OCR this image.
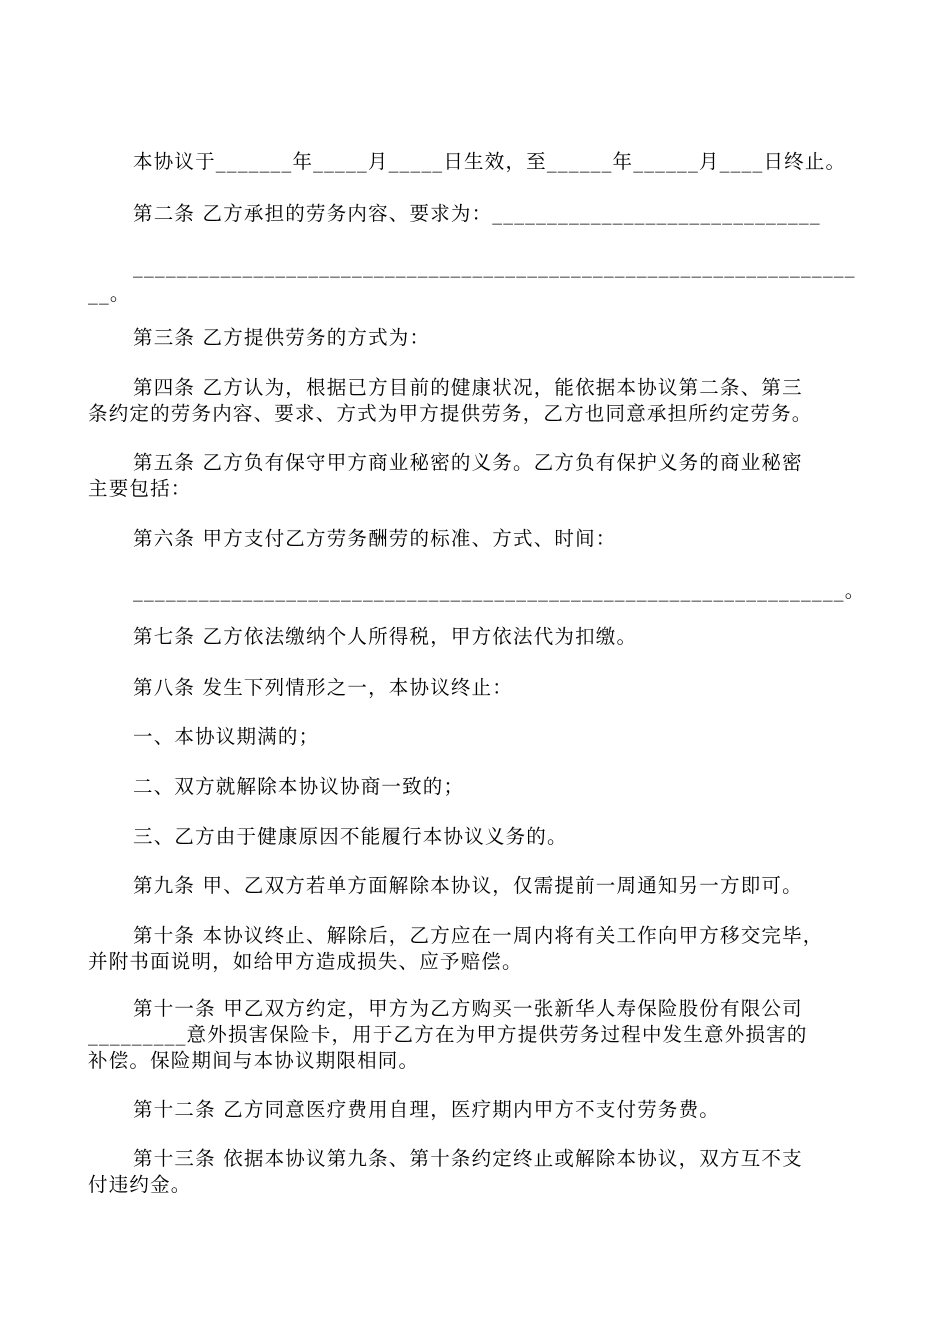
本协议于_______年_____月_____日生效，至______年______月____日终止。
第二条 乙方承担的劳务内容、要求为：______________________________
__________________________________________________________________
__。
第三条 乙方提供劳务的方式为：
第四条 乙方认为，根据已方目前的健康状况，能依据本协议第二条、第三
条约定的劳务内容、要求、方式为甲方提供劳务，乙方也同意承担所约定劳务。
第五条 乙方负有保守甲方商业秘密的义务。乙方负有保护义务的商业秘密
主要包括：
第六条 甲方支付乙方劳务酬劳的标准、方式、时间：
_________________________________________________________________。
第七条 乙方依法缴纳个人所得税，甲方依法代为扣缴。
第八条 发生下列情形之一，本协议终止：
一、本协议期满的；
二、双方就解除本协议协商一致的；
三、乙方由于健康原因不能履行本协议义务的。
第九条 甲、乙双方若单方面解除本协议，仅需提前一周通知另一方即可。
第十条 本协议终止、解除后，乙方应在一周内将有关工作向甲方移交完毕，
并附书面说明，如给甲方造成损失、应予赔偿。
第十一条 甲乙双方约定，甲方为乙方购买一张新华人寿保险股份有限公司
_________意外损害保险卡，用于乙方在为甲方提供劳务过程中发生意外损害的
补偿。保险期间与本协议期限相同。
第十二条 乙方同意医疗费用自理，医疗期内甲方不支付劳务费。
第十三条 依据本协议第九条、第十条约定终止或解除本协议，双方互不支
付违约金。
